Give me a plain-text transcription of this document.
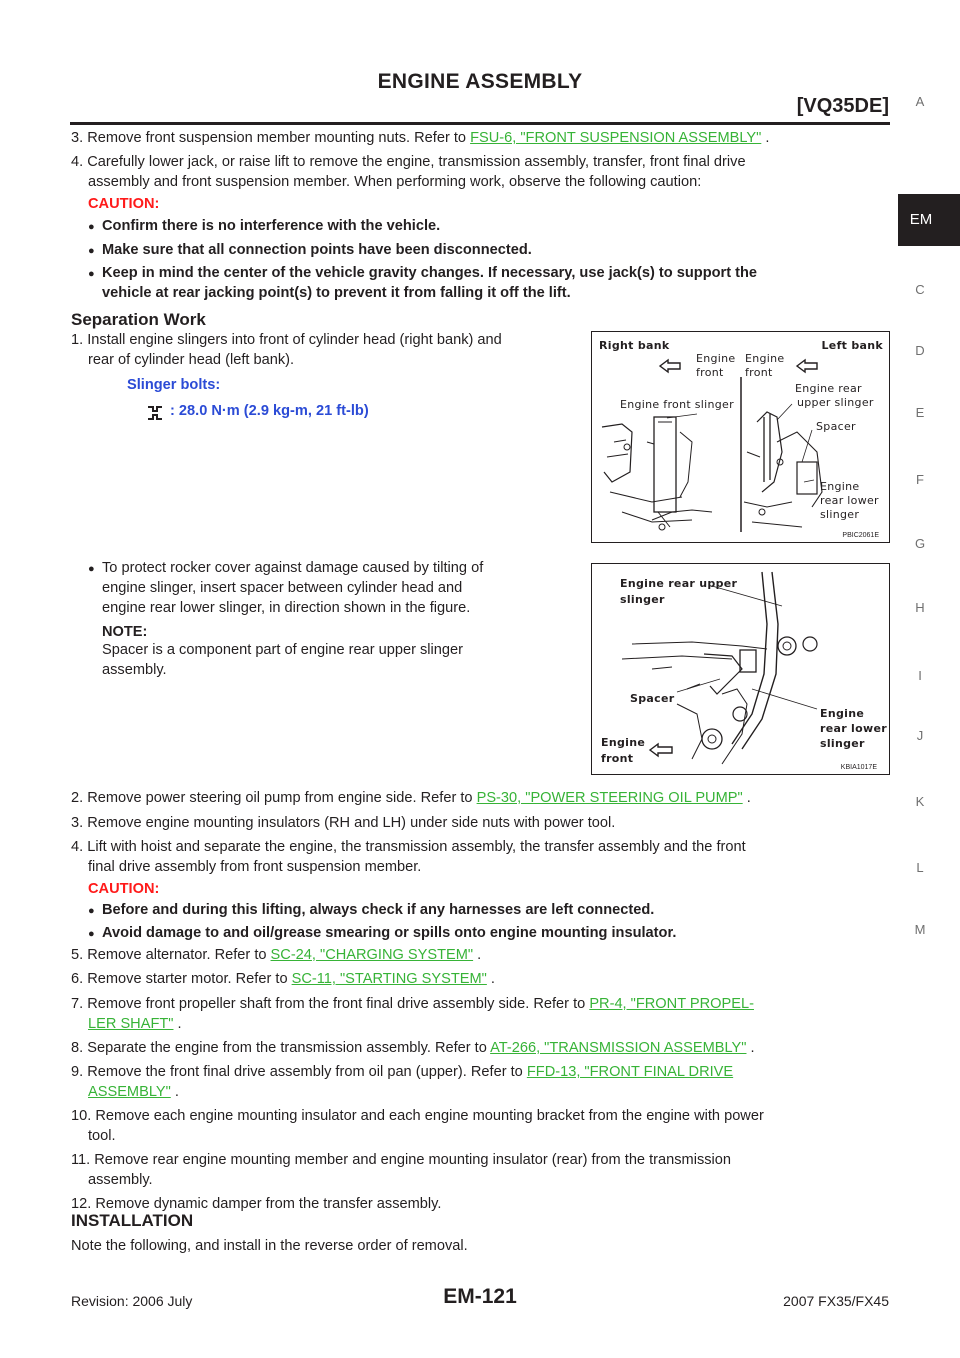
ENGINE ASSEMBLY
[VQ35DE]
EM
A
C
D
E
F
G
H
I
J
K
L
M
3. Remove front suspension member mounting nuts. Refer to FSU-6, "FRONT SUSPENSION ASSEMBLY" .
4. Carefully lower jack, or raise lift to remove the engine, transmission assembly, transfer, front final drive
assembly and front suspension member. When performing work, observe the following caution:
CAUTION:
● Confirm there is no interference with the vehicle.
● Make sure that all connection points have been disconnected.
● Keep in mind the center of the vehicle gravity changes. If necessary, use jack(s) to support the
vehicle at rear jacking point(s) to prevent it from falling it off the lift.
Separation Work
1. Install engine slingers into front of cylinder head (right bank) and
rear of cylinder head (left bank).
Slinger bolts:
: 28.0 N·m (2.9 kg-m, 21 ft-lb)
● To protect rocker cover against damage caused by tilting of
engine slinger, insert spacer between cylinder head and
engine rear lower slinger, in direction shown in the figure.
NOTE:
Spacer is a component part of engine rear upper slinger
assembly.
Right bank	Left bank
Engine
front
Engine
front
Engine front slinger
Engine rear
upper slinger
Spacer
Engine
rear lower
slinger
PBIC2061E
Engine rear upper
slinger
Spacer
Engine
front
Engine
rear lower
slinger
KBIA1017E
2. Remove power steering oil pump from engine side. Refer to PS-30, "POWER STEERING OIL PUMP" .
3. Remove engine mounting insulators (RH and LH) under side nuts with power tool.
4. Lift with hoist and separate the engine, the transmission assembly, the transfer assembly and the front
final drive assembly from front suspension member.
CAUTION:
● Before and during this lifting, always check if any harnesses are left connected.
● Avoid damage to and oil/grease smearing or spills onto engine mounting insulator.
5. Remove alternator. Refer to SC-24, "CHARGING SYSTEM" .
6. Remove starter motor. Refer to SC-11, "STARTING SYSTEM" .
7. Remove front propeller shaft from the front final drive assembly side. Refer to PR-4, "FRONT PROPEL-
LER SHAFT" .
8. Separate the engine from the transmission assembly. Refer to AT-266, "TRANSMISSION ASSEMBLY" .
9. Remove the front final drive assembly from oil pan (upper). Refer to FFD-13, "FRONT FINAL DRIVE
ASSEMBLY" .
10. Remove each engine mounting insulator and each engine mounting bracket from the engine with power
tool.
11. Remove rear engine mounting member and engine mounting insulator (rear) from the transmission
assembly.
12. Remove dynamic damper from the transfer assembly.
INSTALLATION
Note the following, and install in the reverse order of removal.
Revision: 2006 July	EM-121	2007 FX35/FX45
